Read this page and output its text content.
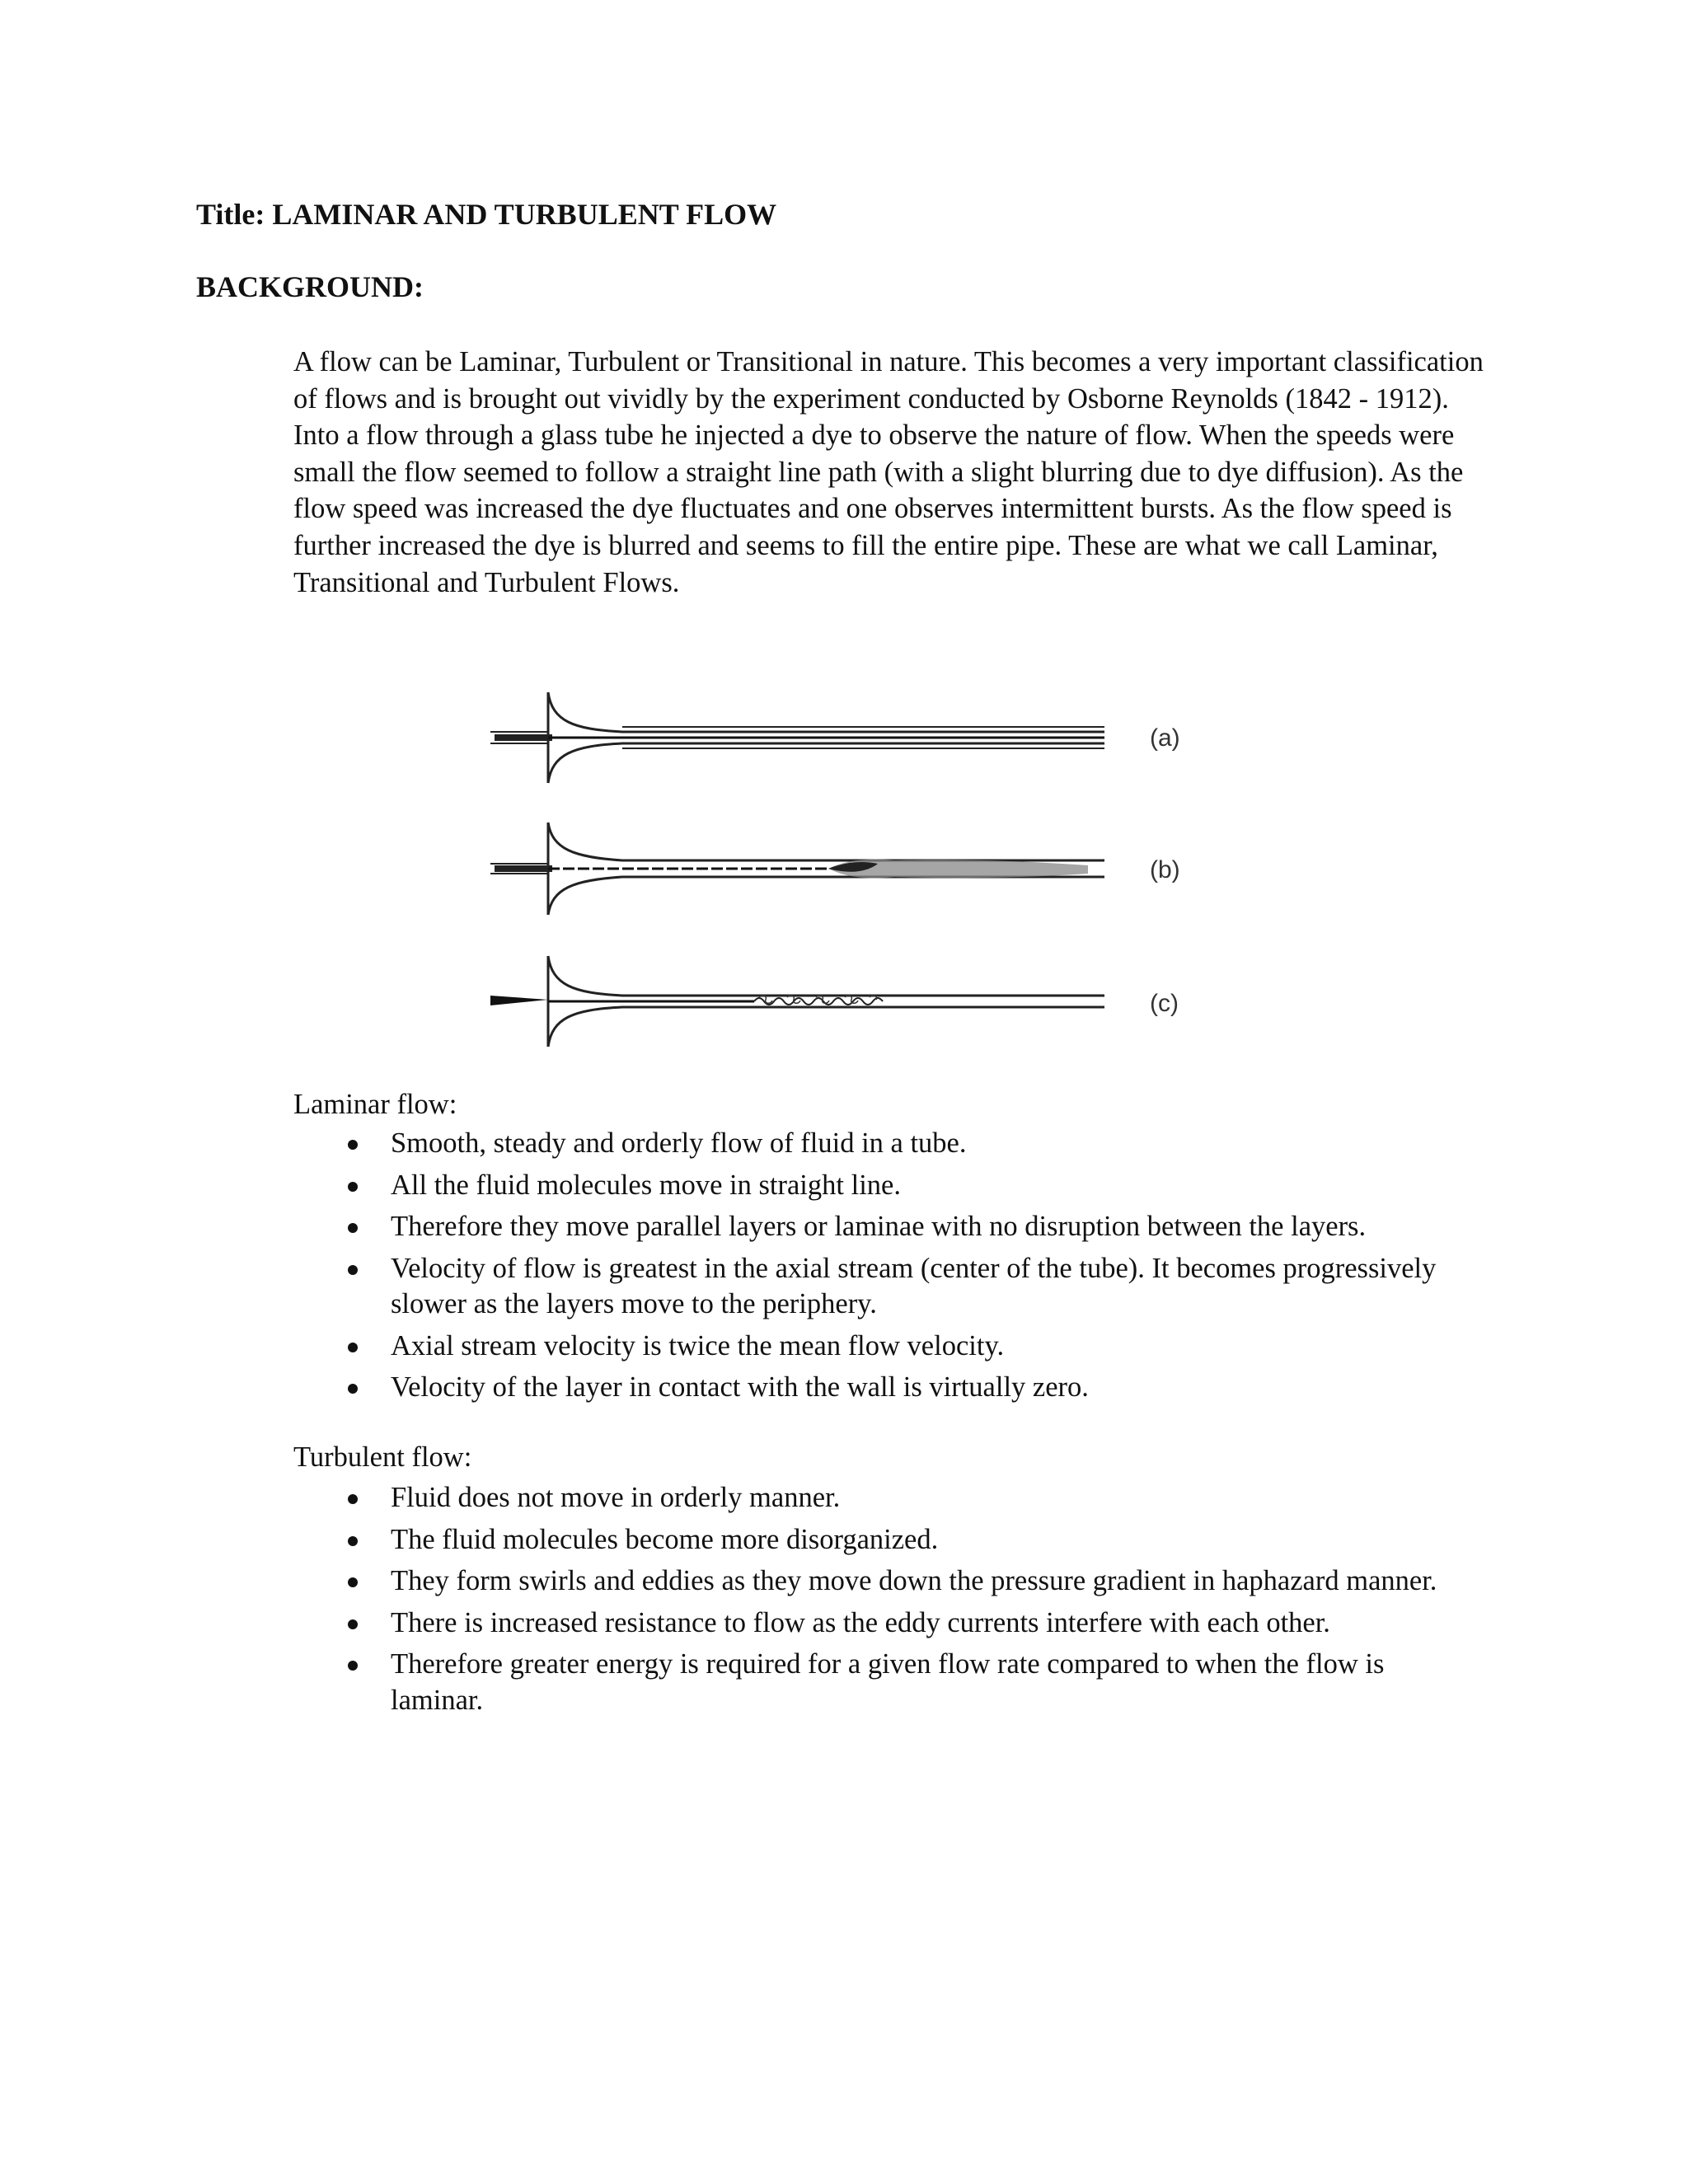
Title: LAMINAR AND TURBULENT FLOW
BACKGROUND:

A flow can be Laminar, Turbulent or Transitional in nature. This becomes a very important classification of flows and is brought out vividly by the experiment conducted by Osborne Reynolds (1842 - 1912). Into a flow through a glass tube he injected a dye to observe the nature of flow. When the speeds were small the flow seemed to follow a straight line path (with a slight blurring due to dye diffusion). As the flow speed was increased the dye fluctuates and one observes intermittent bursts. As the flow speed is further increased the dye is blurred and seems to fill the entire pipe. These are what we call Laminar, Transitional and Turbulent Flows.

(a)
(b)
(c)
Laminar flow:
Smooth, steady and orderly flow of fluid in a tube.
All the fluid molecules move in straight line.
Therefore they move parallel layers or laminae with no disruption between the layers.
Velocity of flow is greatest in the axial stream (center of the tube). It becomes progressively slower as the layers move to the periphery.
Axial stream velocity is twice the mean flow velocity.
Velocity of the layer in contact with the wall is virtually zero.
Turbulent flow:
Fluid does not move in orderly manner.
The fluid molecules become more disorganized.
They form swirls and eddies as they move down the pressure gradient in haphazard manner.
There is increased resistance to flow as the eddy currents interfere with each other.
Therefore greater energy is required for a given flow rate compared to when the flow is laminar.
